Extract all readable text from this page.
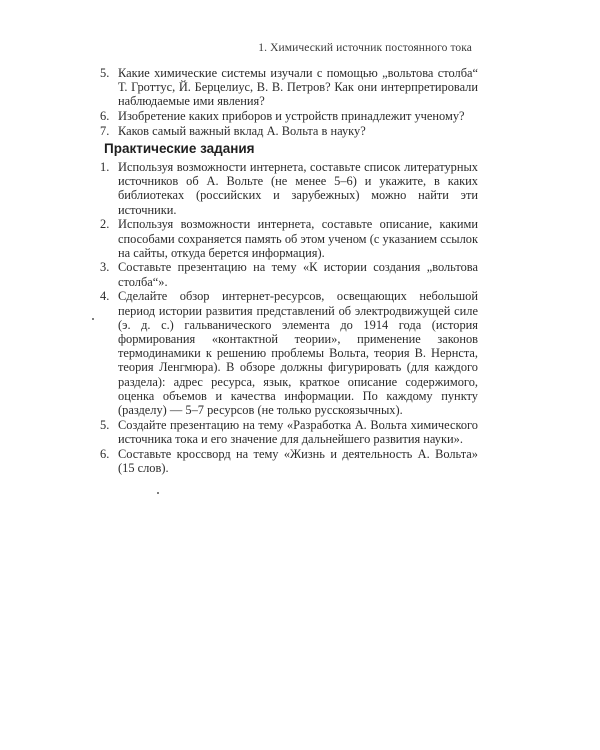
1. Химический источник постоянного тока
5. Какие химические системы изучали с помощью „вольтова столба“ Т. Гроттус, Й. Берцелиус, В. В. Петров? Как они интерпретировали наблюдаемые ими явления?
6. Изобретение каких приборов и устройств принадлежит ученому?
7. Каков самый важный вклад А. Вольта в науку?
Практические задания
1. Используя возможности интернета, составьте список литературных источников об А. Вольте (не менее 5–6) и укажите, в каких библиотеках (российских и зарубежных) можно найти эти источники.
2. Используя возможности интернета, составьте описание, какими способами сохраняется память об этом ученом (с указанием ссылок на сайты, откуда берется информация).
3. Составьте презентацию на тему «К истории создания „вольтова столба“».
4. Сделайте обзор интернет-ресурсов, освещающих небольшой период истории развития представлений об электродвижущей силе (э. д. с.) гальванического элемента до 1914 года (история формирования «контактной теории», применение законов термодинамики к решению проблемы Вольта, теория В. Нернста, теория Ленгмюра). В обзоре должны фигурировать (для каждого раздела): адрес ресурса, язык, краткое описание содержимого, оценка объемов и качества информации. По каждому пункту (разделу) — 5–7 ресурсов (не только русскоязычных).
5. Создайте презентацию на тему «Разработка А. Вольта химического источника тока и его значение для дальнейшего развития науки».
6. Составьте кроссворд на тему «Жизнь и деятельность А. Вольта» (15 слов).
